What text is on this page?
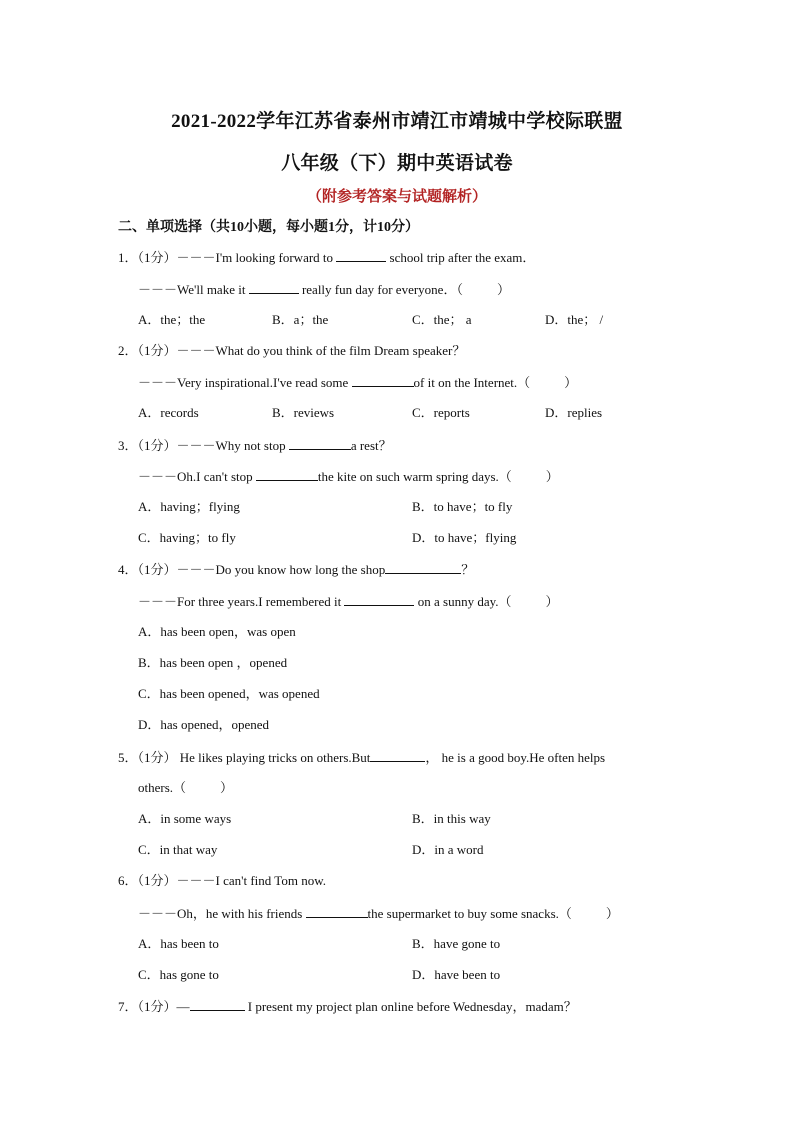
2021-2022学年江苏省泰州市靖江市靖城中学校际联盟
八年级（下）期中英语试卷
（附参考答案与试题解析）
二、单项选择（共10小题，每小题1分，计10分）
1．（1分）－－－I'm looking forward to	school trip after the exam．
－－－We'll make it	really fun day for everyone．（	）
A．the；the	B．a；the	C．the； a	D．the； /
2．（1分）－－－What do you think of the film Dream speaker？
－－－Very inspirational.I've read some	of it on the Internet.（	）
A．records	B．reviews	C．reports	D．replies
3．（1分）－－－Why not stop	a rest？
－－－Oh.I can't stop	the kite on such warm spring days.（	）
A．having；flying	B．to have；to fly
C．having；to fly	D．to have；flying
4．（1分）－－－Do you know how long the shop	？
－－－For three years.I remembered it	on a sunny day.（	）
A．has been open，was open
B．has been open ，opened
C．has been opened，was opened
D．has opened，opened
5．（1分） He likes playing tricks on others.But	， he is a good boy.He often helps
others.（	）
A．in some ways	B．in this way
C．in that way	D．in a word
6．（1分）－－－I can't find Tom now.
－－－Oh，he with his friends	the supermarket to buy some snacks.（	）
A．has been to	B．have gone to
C．has gone to	D．have been to
7．（1分）—	I present my project plan online before Wednesday，madam？
